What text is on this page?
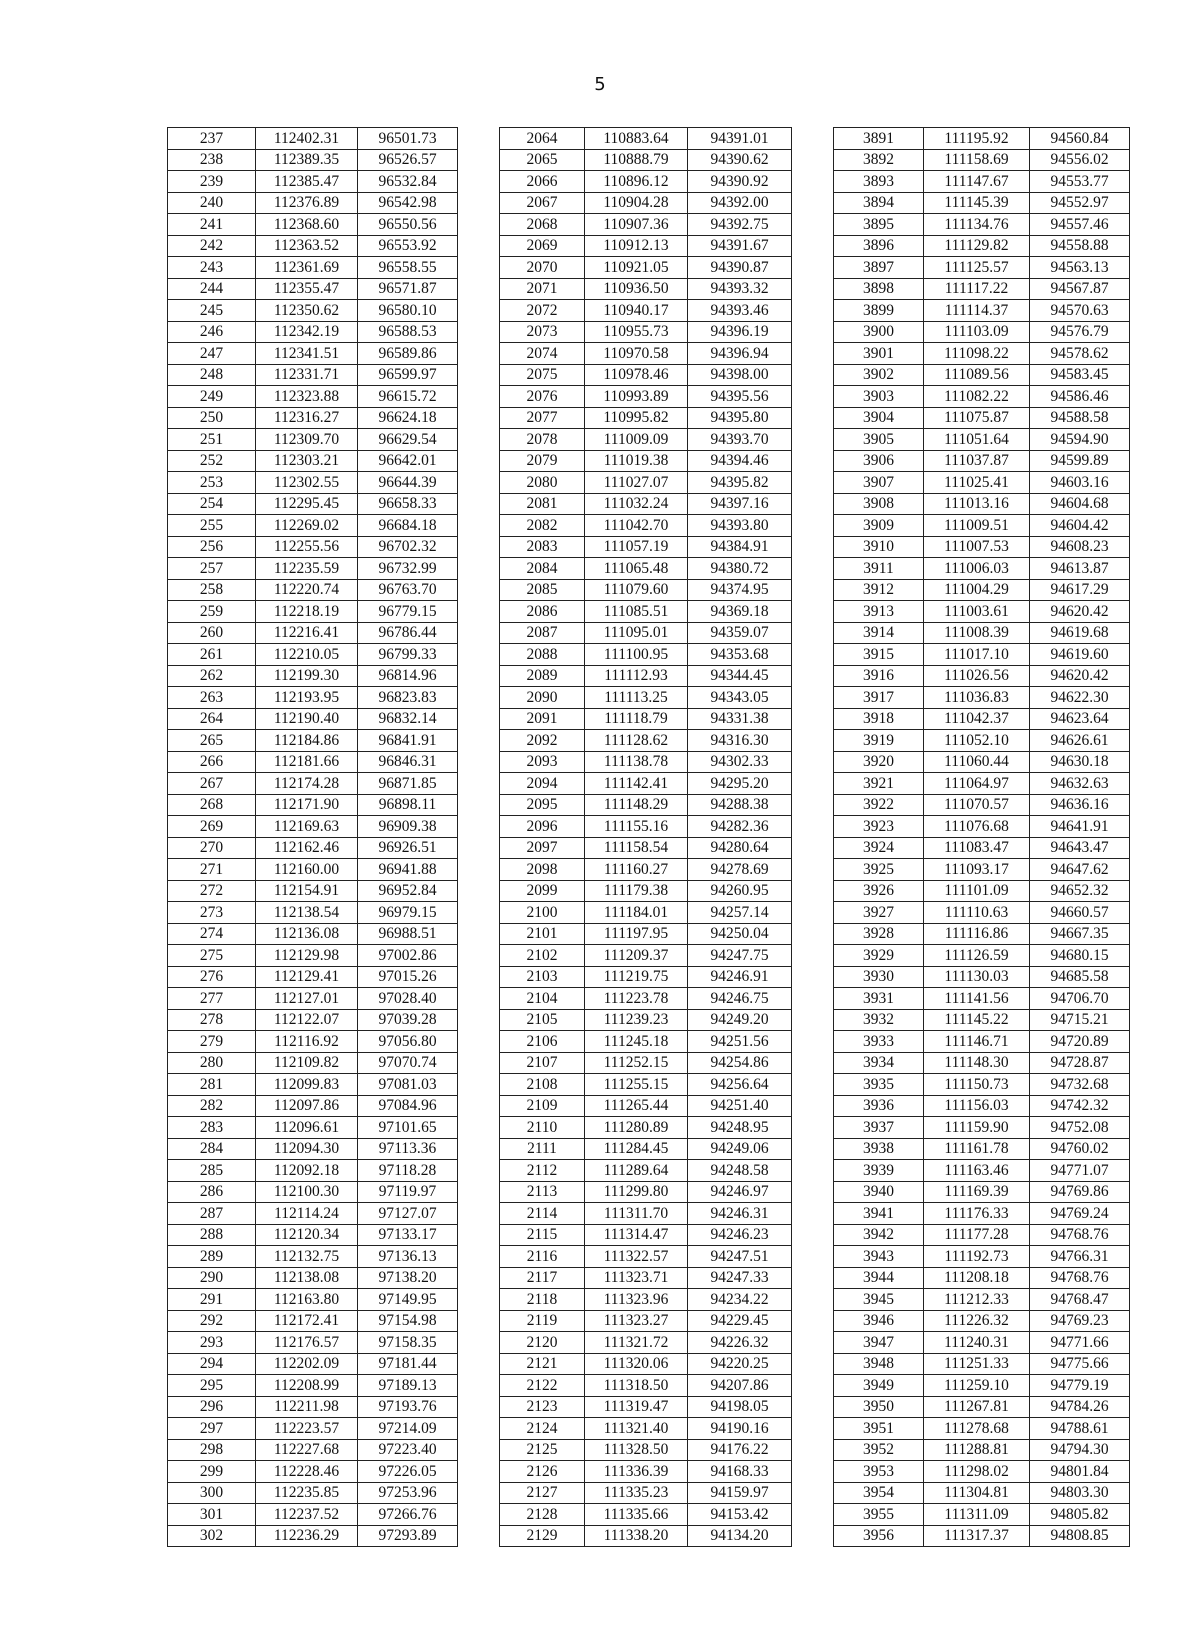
5
237	112402.31	96501.73
238	112389.35	96526.57
239	112385.47	96532.84
240	112376.89	96542.98
241	112368.60	96550.56
242	112363.52	96553.92
243	112361.69	96558.55
244	112355.47	96571.87
245	112350.62	96580.10
246	112342.19	96588.53
247	112341.51	96589.86
248	112331.71	96599.97
249	112323.88	96615.72
250	112316.27	96624.18
251	112309.70	96629.54
252	112303.21	96642.01
253	112302.55	96644.39
254	112295.45	96658.33
255	112269.02	96684.18
256	112255.56	96702.32
257	112235.59	96732.99
258	112220.74	96763.70
259	112218.19	96779.15
260	112216.41	96786.44
261	112210.05	96799.33
262	112199.30	96814.96
263	112193.95	96823.83
264	112190.40	96832.14
265	112184.86	96841.91
266	112181.66	96846.31
267	112174.28	96871.85
268	112171.90	96898.11
269	112169.63	96909.38
270	112162.46	96926.51
271	112160.00	96941.88
272	112154.91	96952.84
273	112138.54	96979.15
274	112136.08	96988.51
275	112129.98	97002.86
276	112129.41	97015.26
277	112127.01	97028.40
278	112122.07	97039.28
279	112116.92	97056.80
280	112109.82	97070.74
281	112099.83	97081.03
282	112097.86	97084.96
283	112096.61	97101.65
284	112094.30	97113.36
285	112092.18	97118.28
286	112100.30	97119.97
287	112114.24	97127.07
288	112120.34	97133.17
289	112132.75	97136.13
290	112138.08	97138.20
291	112163.80	97149.95
292	112172.41	97154.98
293	112176.57	97158.35
294	112202.09	97181.44
295	112208.99	97189.13
296	112211.98	97193.76
297	112223.57	97214.09
298	112227.68	97223.40
299	112228.46	97226.05
300	112235.85	97253.96
301	112237.52	97266.76
302	112236.29	97293.89
2064	110883.64	94391.01
2065	110888.79	94390.62
2066	110896.12	94390.92
2067	110904.28	94392.00
2068	110907.36	94392.75
2069	110912.13	94391.67
2070	110921.05	94390.87
2071	110936.50	94393.32
2072	110940.17	94393.46
2073	110955.73	94396.19
2074	110970.58	94396.94
2075	110978.46	94398.00
2076	110993.89	94395.56
2077	110995.82	94395.80
2078	111009.09	94393.70
2079	111019.38	94394.46
2080	111027.07	94395.82
2081	111032.24	94397.16
2082	111042.70	94393.80
2083	111057.19	94384.91
2084	111065.48	94380.72
2085	111079.60	94374.95
2086	111085.51	94369.18
2087	111095.01	94359.07
2088	111100.95	94353.68
2089	111112.93	94344.45
2090	111113.25	94343.05
2091	111118.79	94331.38
2092	111128.62	94316.30
2093	111138.78	94302.33
2094	111142.41	94295.20
2095	111148.29	94288.38
2096	111155.16	94282.36
2097	111158.54	94280.64
2098	111160.27	94278.69
2099	111179.38	94260.95
2100	111184.01	94257.14
2101	111197.95	94250.04
2102	111209.37	94247.75
2103	111219.75	94246.91
2104	111223.78	94246.75
2105	111239.23	94249.20
2106	111245.18	94251.56
2107	111252.15	94254.86
2108	111255.15	94256.64
2109	111265.44	94251.40
2110	111280.89	94248.95
2111	111284.45	94249.06
2112	111289.64	94248.58
2113	111299.80	94246.97
2114	111311.70	94246.31
2115	111314.47	94246.23
2116	111322.57	94247.51
2117	111323.71	94247.33
2118	111323.96	94234.22
2119	111323.27	94229.45
2120	111321.72	94226.32
2121	111320.06	94220.25
2122	111318.50	94207.86
2123	111319.47	94198.05
2124	111321.40	94190.16
2125	111328.50	94176.22
2126	111336.39	94168.33
2127	111335.23	94159.97
2128	111335.66	94153.42
2129	111338.20	94134.20
3891	111195.92	94560.84
3892	111158.69	94556.02
3893	111147.67	94553.77
3894	111145.39	94552.97
3895	111134.76	94557.46
3896	111129.82	94558.88
3897	111125.57	94563.13
3898	111117.22	94567.87
3899	111114.37	94570.63
3900	111103.09	94576.79
3901	111098.22	94578.62
3902	111089.56	94583.45
3903	111082.22	94586.46
3904	111075.87	94588.58
3905	111051.64	94594.90
3906	111037.87	94599.89
3907	111025.41	94603.16
3908	111013.16	94604.68
3909	111009.51	94604.42
3910	111007.53	94608.23
3911	111006.03	94613.87
3912	111004.29	94617.29
3913	111003.61	94620.42
3914	111008.39	94619.68
3915	111017.10	94619.60
3916	111026.56	94620.42
3917	111036.83	94622.30
3918	111042.37	94623.64
3919	111052.10	94626.61
3920	111060.44	94630.18
3921	111064.97	94632.63
3922	111070.57	94636.16
3923	111076.68	94641.91
3924	111083.47	94643.47
3925	111093.17	94647.62
3926	111101.09	94652.32
3927	111110.63	94660.57
3928	111116.86	94667.35
3929	111126.59	94680.15
3930	111130.03	94685.58
3931	111141.56	94706.70
3932	111145.22	94715.21
3933	111146.71	94720.89
3934	111148.30	94728.87
3935	111150.73	94732.68
3936	111156.03	94742.32
3937	111159.90	94752.08
3938	111161.78	94760.02
3939	111163.46	94771.07
3940	111169.39	94769.86
3941	111176.33	94769.24
3942	111177.28	94768.76
3943	111192.73	94766.31
3944	111208.18	94768.76
3945	111212.33	94768.47
3946	111226.32	94769.23
3947	111240.31	94771.66
3948	111251.33	94775.66
3949	111259.10	94779.19
3950	111267.81	94784.26
3951	111278.68	94788.61
3952	111288.81	94794.30
3953	111298.02	94801.84
3954	111304.81	94803.30
3955	111311.09	94805.82
3956	111317.37	94808.85
